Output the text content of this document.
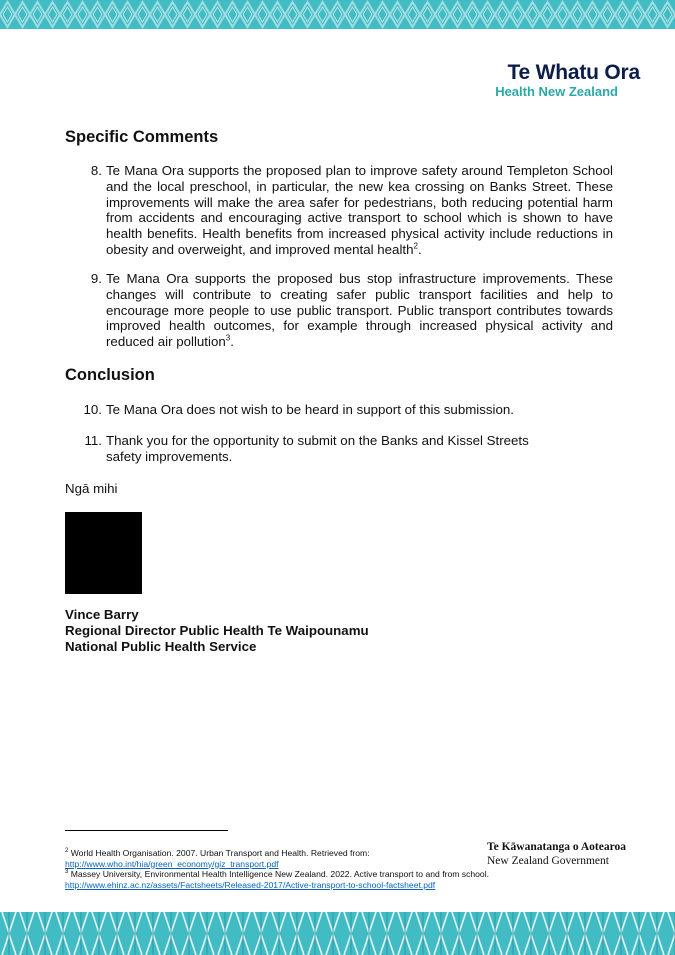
Te Whatu Ora
Health New Zealand
Specific Comments
8. Te Mana Ora supports the proposed plan to improve safety around Templeton School and the local preschool, in particular, the new kea crossing on Banks Street. These improvements will make the area safer for pedestrians, both reducing potential harm from accidents and encouraging active transport to school which is shown to have health benefits. Health benefits from increased physical activity include reductions in obesity and overweight, and improved mental health$^2$.
9. Te Mana Ora supports the proposed bus stop infrastructure improvements. These changes will contribute to creating safer public transport facilities and help to encourage more people to use public transport. Public transport contributes towards improved health outcomes, for example through increased physical activity and reduced air pollution$^3$.
Conclusion
10. Te Mana Ora does not wish to be heard in support of this submission.
11. Thank you for the opportunity to submit on the Banks and Kissel Streets safety improvements.
Ngā mihi
Vince Barry
Regional Director Public Health Te Waipounamu
National Public Health Service
$^2$ World Health Organisation. 2007. Urban Transport and Health. Retrieved from:
http://www.who.int/hia/green_economy/giz_transport.pdf
$^3$ Massey University, Environmental Health Intelligence New Zealand. 2022. Active transport to and from school.
http://www.ehinz.ac.nz/assets/Factsheets/Released-2017/Active-transport-to-school-factsheet.pdf
Te Kāwanatanga o Aotearoa
New Zealand Government
